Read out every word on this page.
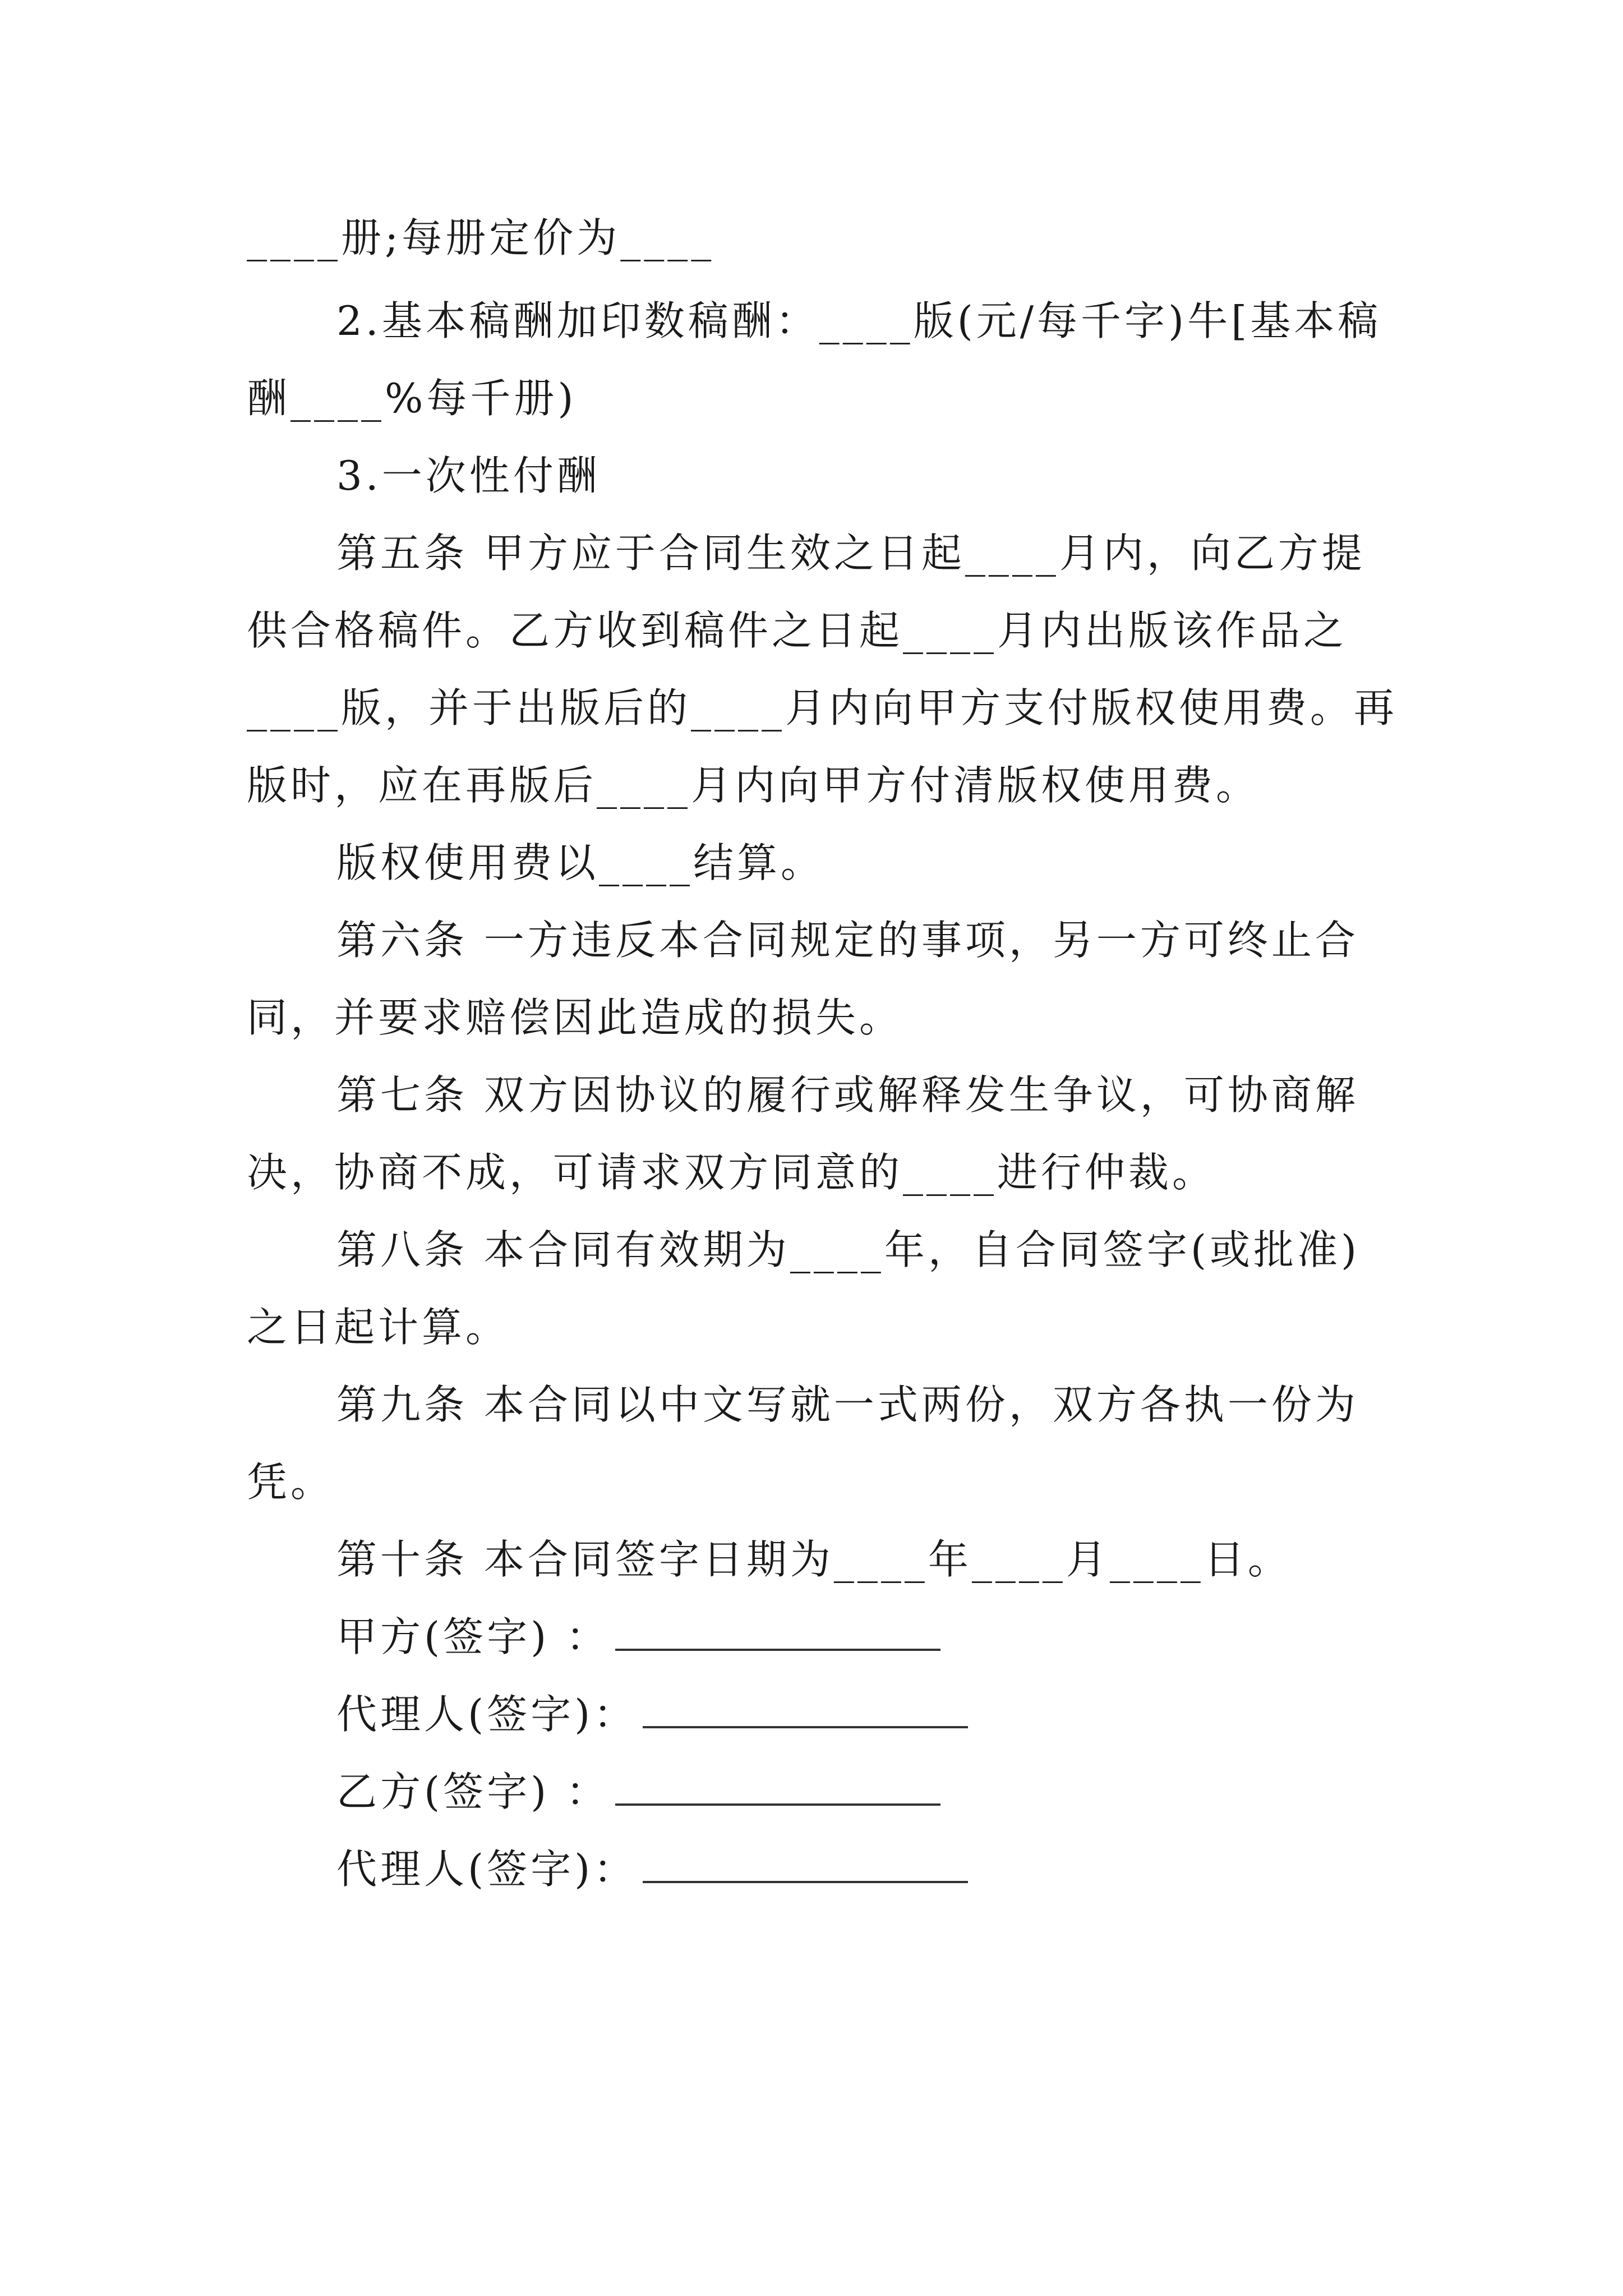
____册;每册定价为____
2.基本稿酬加印数稿酬：____版(元/每千字)牛[基本稿
酬____%每千册)
3.一次性付酬
第五条 甲方应于合同生效之日起____月内，向乙方提
供合格稿件。乙方收到稿件之日起____月内出版该作品之
____版，并于出版后的____月内向甲方支付版权使用费。再
版时，应在再版后____月内向甲方付清版权使用费。
版权使用费以____结算。
第六条 一方违反本合同规定的事项，另一方可终止合
同，并要求赔偿因此造成的损失。
第七条 双方因协议的履行或解释发生争议，可协商解
决，协商不成，可请求双方同意的____进行仲裁。
第八条 本合同有效期为____年，自合同签字(或批准)
之日起计算。
第九条 本合同以中文写就一式两份，双方各执一份为
凭。
第十条 本合同签字日期为____年____月____日。
甲方(签字) ：
代理人(签字)：
乙方(签字) ：
代理人(签字)：
